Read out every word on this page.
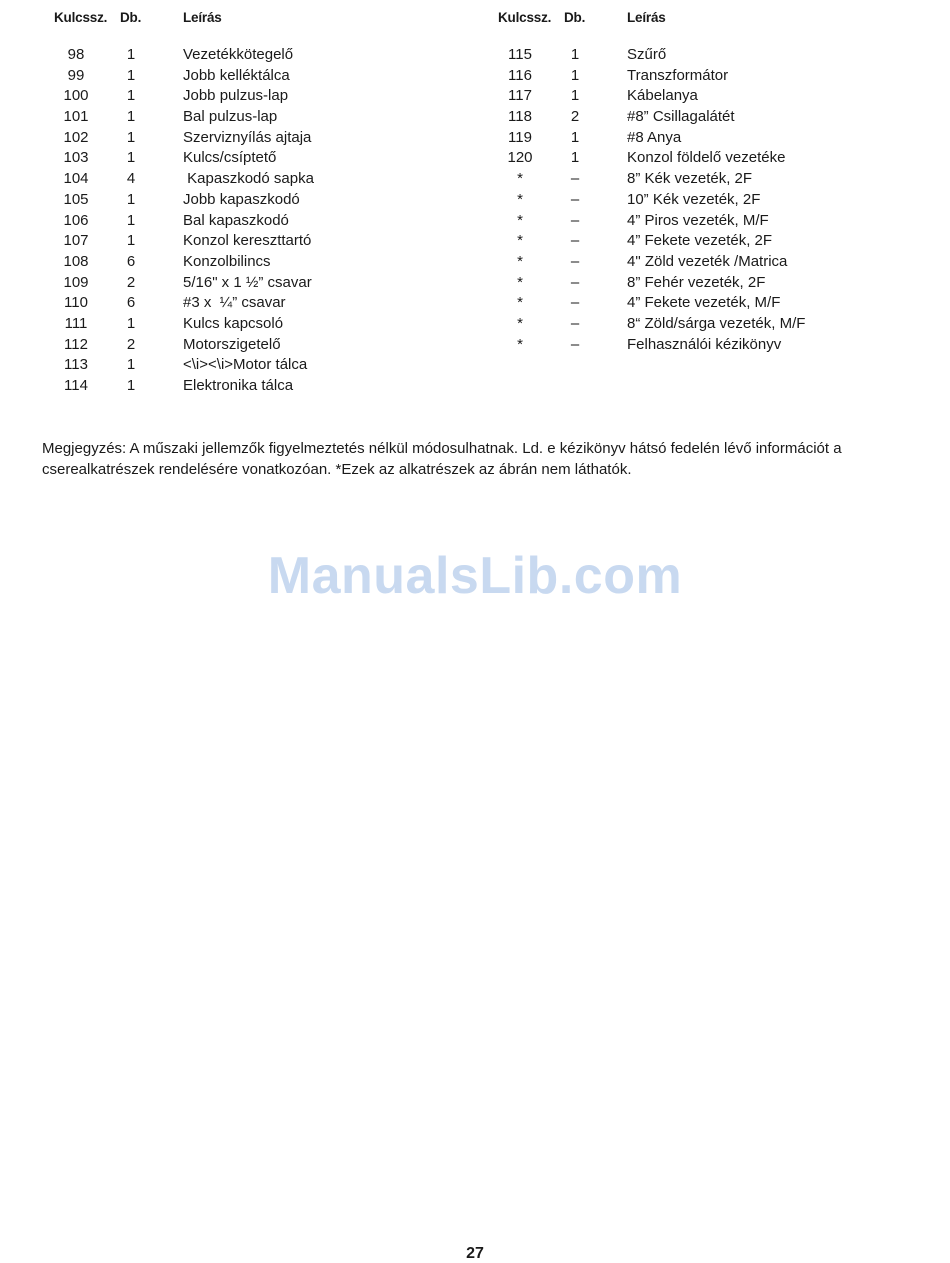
Kulcssz. Db.	Leírás
98	1	Vezetékkötegelő
99	1	Jobb kelléktálca
100	1	Jobb pulzus-lap
101	1	Bal pulzus-lap
102	1	Szerviznyílás ajtaja
103	1	Kulcs/csíptető
104	4	Kapaszkodó sapka
105	1	Jobb kapaszkodó
106	1	Bal kapaszkodó
107	1	Konzol kereszttartó
108	6	Konzolbilincs
109	2	5/16" x 1 ½” csavar
110	6	#3 x  ¼” csavar
111	1	Kulcs kapcsoló
112	2	Motorszigetelő
113	1	<\i><\i>Motor tálca
114	1	Elektronika tálca
Kulcssz. Db.	Leírás
115	1	Szűrő
116	1	Transzformátor
117	1	Kábelanya
118	2	#8” Csillagalátét
119	1	#8 Anya
120	1	Konzol földelő vezetéke
*	–	8” Kék vezeték, 2F
*	–	10” Kék vezeték, 2F
*	–	4” Piros vezeték, M/F
*	–	4” Fekete vezeték, 2F
*	–	4" Zöld vezeték /Matrica
*	–	8” Fehér vezeték, 2F
*	–	4” Fekete vezeték, M/F
*	–	8“ Zöld/sárga vezeték, M/F
*	–	Felhasználói kézikönyv
Megjegyzés: A műszaki jellemzők figyelmeztetés nélkül módosulhatnak. Ld. e kézikönyv hátsó fedelén lévő információt a cserealkatrészek rendelésére vonatkozóan. *Ezek az alkatrészek az ábrán nem láthatók.
ManualsLib.com
27
